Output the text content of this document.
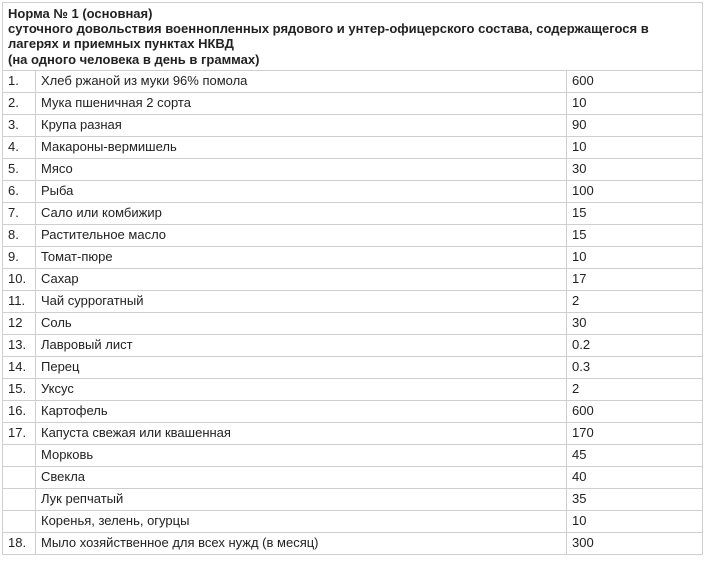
Норма № 1 (основная)
суточного довольствия военнопленных рядового и унтер-офицерского состава, содержащегося в
лагерях и приемных пунктах НКВД
(на одного человека в день в граммах)		

1.	Хлеб ржаной из муки 96% помола	600
2.	Мука пшеничная 2 сорта	10
3.	Крупа разная	90
4.	Макароны-вермишель	10
5.	Мясо	30
6.	Рыба	100
7.	Сало или комбижир	15
8.	Растительное масло	15
9.	Томат-пюре	10
10.	Сахар	17
11.	Чай суррогатный	2
12	Соль	30
13.	Лавровый лист	0.2
14.	Перец	0.3
15.	Уксус	2
16.	Картофель	600
17.	Капуста свежая или квашенная	170
	Морковь	45
	Свекла	40
	Лук репчатый	35
	Коренья, зелень, огурцы	10
18.	Мыло хозяйственное для всех нужд (в месяц)	300
